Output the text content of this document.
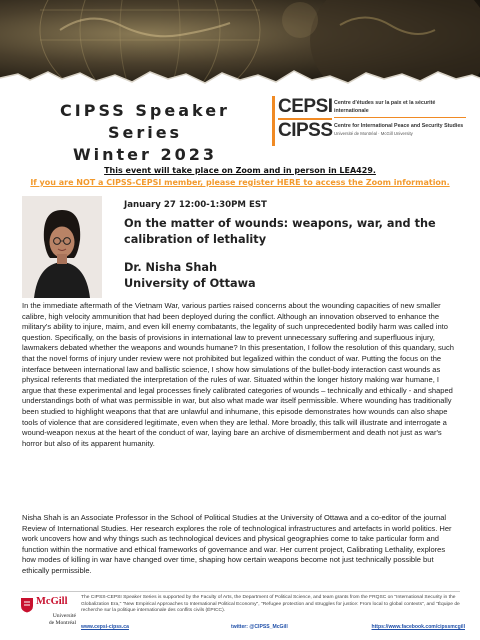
CIPSS Speaker Series
Winter 2023
CEPSI
CIPSS
Centre d'études sur la paix et la sécurité internationale
Centre for International Peace and Security Studies
Université de Montréal · McGill University
This event will take place on Zoom and in person in LEA429.
If you are NOT a CIPSS-CEPSI member, please register HERE to access the Zoom information.
January 27 12:00-1:30PM EST
On the matter of wounds: weapons, war, and the calibration of lethality
Dr. Nisha Shah
University of Ottawa

In the immediate aftermath of the Vietnam War, various parties raised concerns about the wounding capacities of new smaller calibre, high velocity ammunition that had been deployed during the conflict. Although an innovation observed to enhance the military's ability to injure, maim, and even kill enemy combatants, the legality of such unprecedented bodily harm was called into question. Specifically, on the basis of provisions in international law to prevent unnecessary suffering and superfluous injury, lawmakers debated whether the weapons and wounds humane? In this presentation, I follow the resolution of this quandary, such that the novel forms of injury under review were not prohibited but legalized within the conduct of war. Putting the focus on the interface between international law and ballistic science, I show how simulations of the bullet-body interaction cast wounds as physical referents that mediated the interpretation of the rules of war. Situated within the longer history making war humane, I argue that these experimental and legal processes finely calibrated categories of wounds – technically and ethically - and shaped understandings both of what was permissible in war, but also what made war itself permissible. Where wounding has traditionally been studied to highlight weapons that that are unlawful and inhumane, this episode demonstrates how wounds can also shape tools of violence that are considered legitimate, even when they are lethal. More broadly, this talk will illustrate and interrogate a wound-weapon nexus at the heart of the conduct of war, laying bare an archive of dismemberment and death not just as war's horror but also of its apparent humanity.

Nisha Shah is an Associate Professor in the School of Political Studies at the University of Ottawa and a co-editor of the journal Review of International Studies. Her research explores the role of technological infrastructures and artefacts in world politics. Her work uncovers how and why things such as technological devices and physical geographies come to take particular form and function within the normative and ethical frameworks of governance and war. Her current project, Calibrating Lethality, explores how modes of killing in war have changed over time, shaping how certain weapons become not just technically possible but ethically permissible.

McGill
Université
de Montréal

The CIPSS-CEPSI Speaker Series is supported by the Faculty of Arts, the Department of Political Science, and team grants from the FRQSC on "International Security in the Globalization Era," "New Empirical Approaches to International Political Economy", "Refugee protection and struggles for justice: From local to global contexts", and "Équipe de recherche sur la politique internationale des conflits civils (ÉPICC).

www.cepsi-cipss.ca	twitter: @CIPSS_McGill	https://www.facebook.com/cipssmcgill
